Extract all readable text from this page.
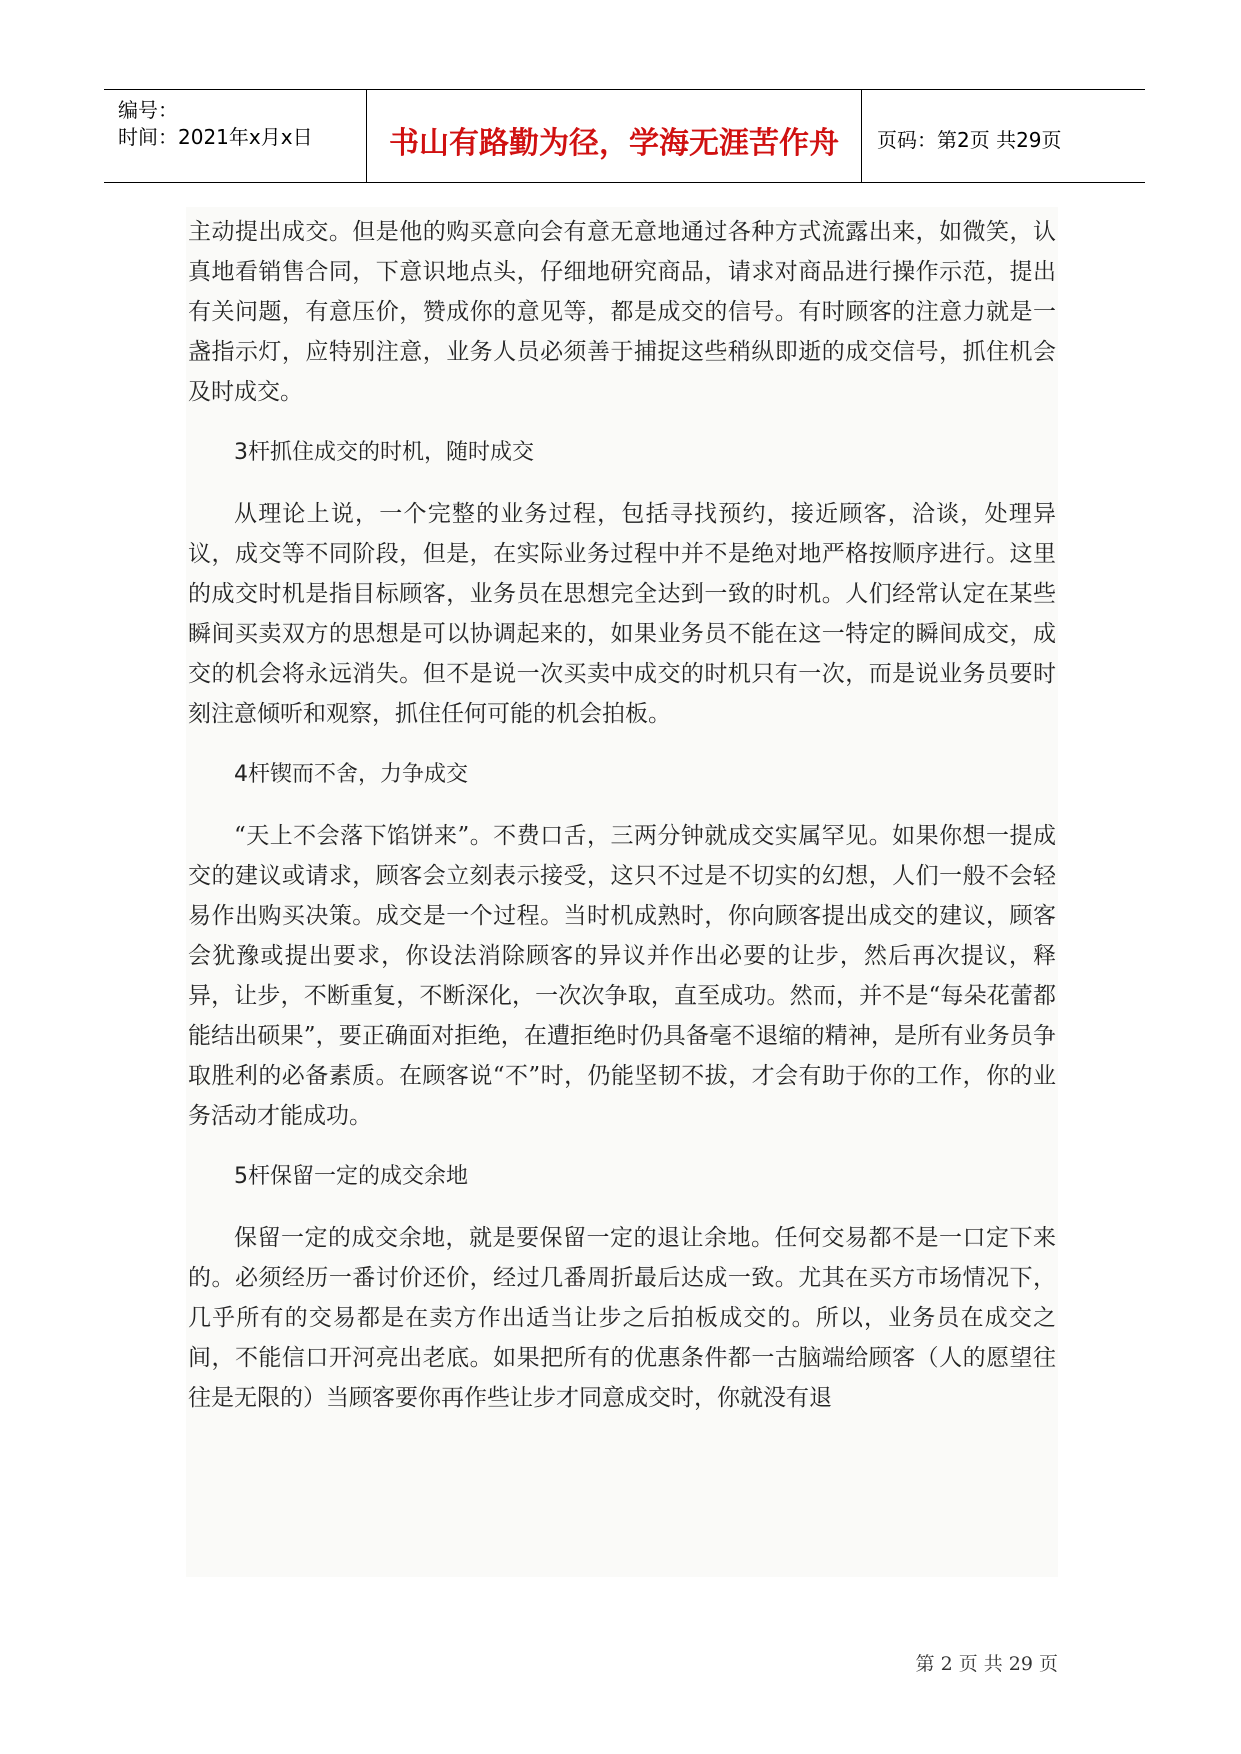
编号：
时间：2021年x月x日	书山有路勤为径，学海无涯苦作舟	页码：第2页 共29页

主动提出成交。但是他的购买意向会有意无意地通过各种方式流露出来，如微笑，认真地看销售合同，下意识地点头，仔细地研究商品，请求对商品进行操作示范，提出有关问题，有意压价，赞成你的意见等，都是成交的信号。有时顾客的注意力就是一盏指示灯，应特别注意，业务人员必须善于捕捉这些稍纵即逝的成交信号，抓住机会及时成交。

3杆抓住成交的时机，随时成交

从理论上说，一个完整的业务过程，包括寻找预约，接近顾客，洽谈，处理异议，成交等不同阶段，但是，在实际业务过程中并不是绝对地严格按顺序进行。这里的成交时机是指目标顾客，业务员在思想完全达到一致的时机。人们经常认定在某些瞬间买卖双方的思想是可以协调起来的，如果业务员不能在这一特定的瞬间成交，成交的机会将永远消失。但不是说一次买卖中成交的时机只有一次，而是说业务员要时刻注意倾听和观察，抓住任何可能的机会拍板。

4杆锲而不舍，力争成交

“天上不会落下馅饼来”。不费口舌，三两分钟就成交实属罕见。如果你想一提成交的建议或请求，顾客会立刻表示接受，这只不过是不切实的幻想，人们一般不会轻易作出购买决策。成交是一个过程。当时机成熟时，你向顾客提出成交的建议，顾客会犹豫或提出要求，你设法消除顾客的异议并作出必要的让步，然后再次提议，释异，让步，不断重复，不断深化，一次次争取，直至成功。然而，并不是“每朵花蕾都能结出硕果”，要正确面对拒绝，在遭拒绝时仍具备毫不退缩的精神，是所有业务员争取胜利的必备素质。在顾客说“不”时，仍能坚韧不拔，才会有助于你的工作，你的业务活动才能成功。

5杆保留一定的成交余地

保留一定的成交余地，就是要保留一定的退让余地。任何交易都不是一口定下来的。必须经历一番讨价还价，经过几番周折最后达成一致。尤其在买方市场情况下，几乎所有的交易都是在卖方作出适当让步之后拍板成交的。所以，业务员在成交之间，不能信口开河亮出老底。如果把所有的优惠条件都一古脑端给顾客（人的愿望往往是无限的）当顾客要你再作些让步才同意成交时，你就没有退

第 2 页 共 29 页
